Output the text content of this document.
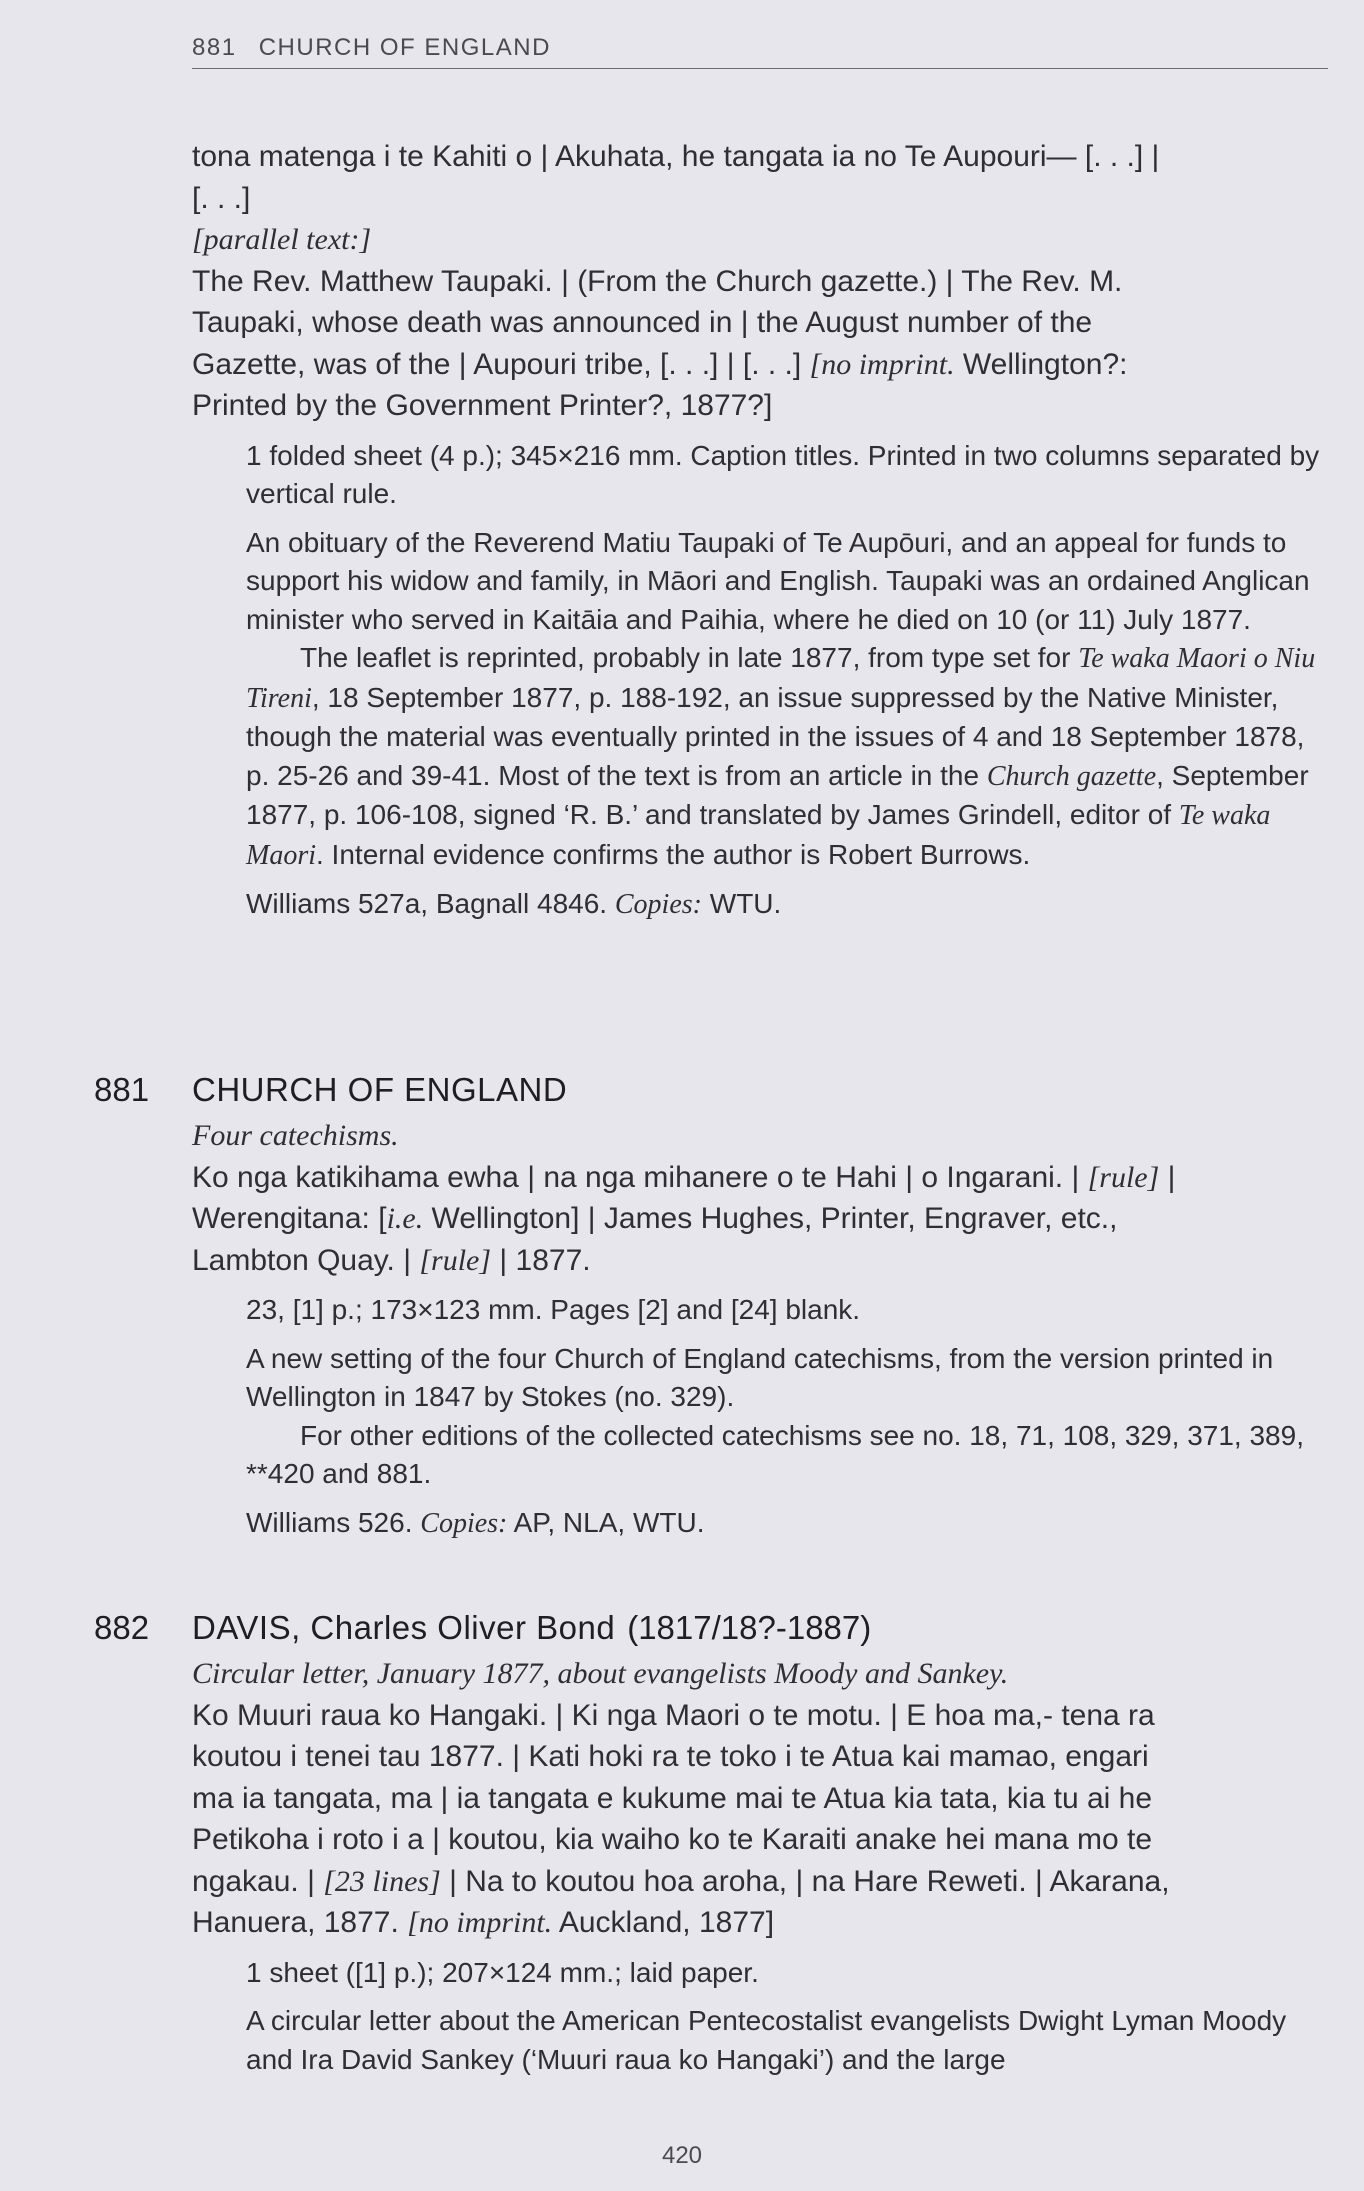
881 CHURCH OF ENGLAND

tona matenga i te Kahiti o | Akuhata, he tangata ia no Te Aupouri— [. . .] |

[. . .]

[parallel text:]

The Rev. Matthew Taupaki. | (From the Church gazette.) | The Rev. M.

Taupaki, whose death was announced in | the August number of the

Gazette, was of the | Aupouri tribe, [. . .] | [. . .] [no imprint. Wellington?:

Printed by the Government Printer?, 1877?]

1 folded sheet (4 p.); 345×216 mm. Caption titles. Printed in two columns separated by vertical rule.

An obituary of the Reverend Matiu Taupaki of Te Aupōuri, and an appeal for funds to support his widow and family, in Māori and English. Taupaki was an ordained Anglican minister who served in Kaitāia and Paihia, where he died on 10 (or 11) July 1877.

The leaflet is reprinted, probably in late 1877, from type set for Te waka Maori o Niu Tireni, 18 September 1877, p. 188-192, an issue suppressed by the Native Minister, though the material was eventually printed in the issues of 4 and 18 September 1878, p. 25-26 and 39-41. Most of the text is from an article in the Church gazette, September 1877, p. 106-108, signed ‘R. B.’ and translated by James Grindell, editor of Te waka Maori. Internal evidence confirms the author is Robert Burrows.

Williams 527a, Bagnall 4846. Copies: WTU.

881 CHURCH OF ENGLAND

Four catechisms.

Ko nga katikihama ewha | na nga mihanere o te Hahi | o Ingarani. | [rule] |

Werengitana: [i.e. Wellington] | James Hughes, Printer, Engraver, etc.,

Lambton Quay. | [rule] | 1877.

23, [1] p.; 173×123 mm. Pages [2] and [24] blank.

A new setting of the four Church of England catechisms, from the version printed in Wellington in 1847 by Stokes (no. 329).

For other editions of the collected catechisms see no. 18, 71, 108, 329, 371, 389, **420 and 881.

Williams 526. Copies: AP, NLA, WTU.

882 DAVIS, Charles Oliver Bond (1817/18?-1887)

Circular letter, January 1877, about evangelists Moody and Sankey.

Ko Muuri raua ko Hangaki. | Ki nga Maori o te motu. | E hoa ma,- tena ra

koutou i tenei tau 1877. | Kati hoki ra te toko i te Atua kai mamao, engari

ma ia tangata, ma | ia tangata e kukume mai te Atua kia tata, kia tu ai he

Petikoha i roto i a | koutou, kia waiho ko te Karaiti anake hei mana mo te

ngakau. | [23 lines] | Na to koutou hoa aroha, | na Hare Reweti. | Akarana,

Hanuera, 1877. [no imprint. Auckland, 1877]

1 sheet ([1] p.); 207×124 mm.; laid paper.

A circular letter about the American Pentecostalist evangelists Dwight Lyman Moody and Ira David Sankey (‘Muuri raua ko Hangaki’) and the large

420
